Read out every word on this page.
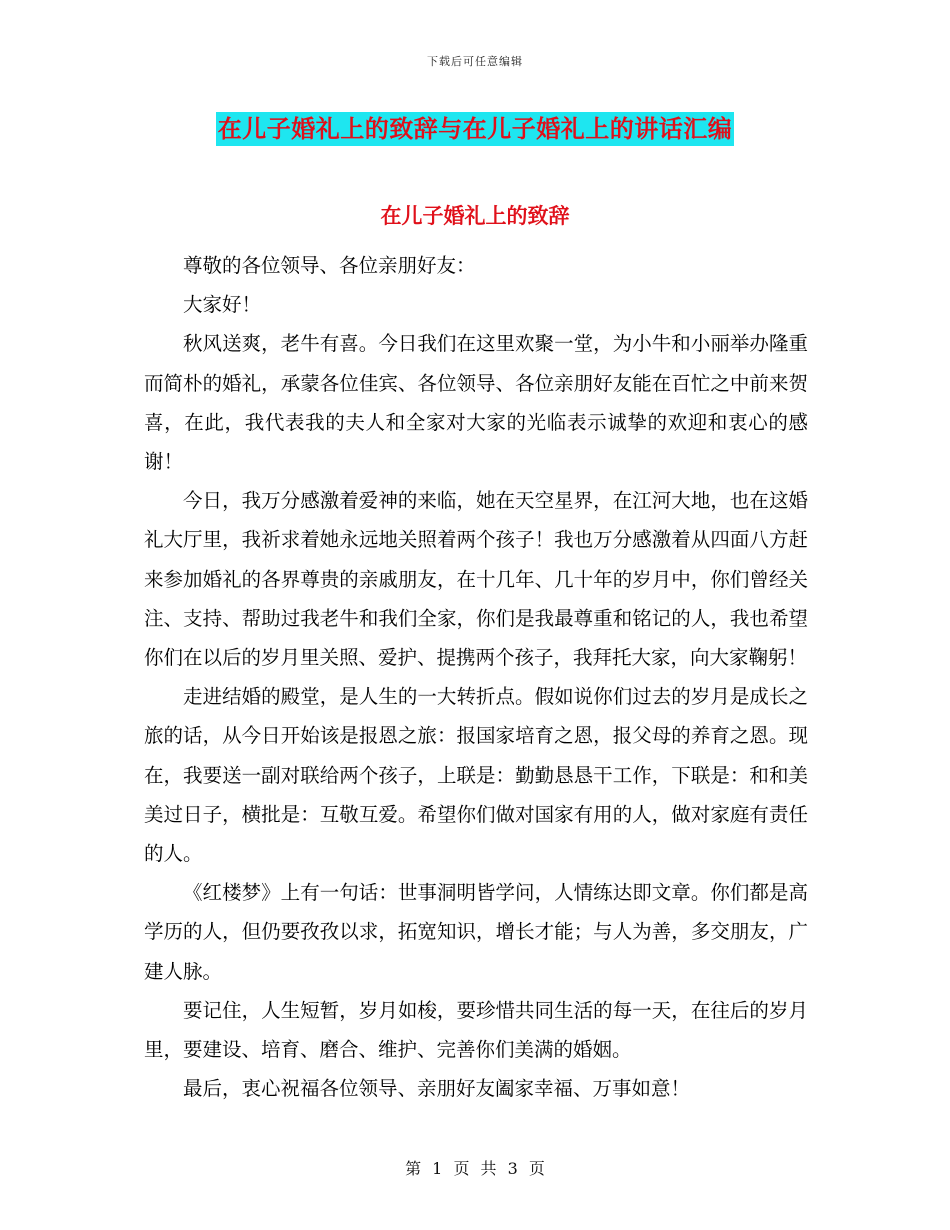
下载后可任意编辑
在儿子婚礼上的致辞与在儿子婚礼上的讲话汇编
在儿子婚礼上的致辞

尊敬的各位领导、各位亲朋好友：

大家好！

秋风送爽，老牛有喜。今日我们在这里欢聚一堂，为小牛和小丽举办隆重而简朴的婚礼，承蒙各位佳宾、各位领导、各位亲朋好友能在百忙之中前来贺喜，在此，我代表我的夫人和全家对大家的光临表示诚挚的欢迎和衷心的感谢！

今日，我万分感激着爱神的来临，她在天空星界，在江河大地，也在这婚礼大厅里，我祈求着她永远地关照着两个孩子！我也万分感激着从四面八方赶来参加婚礼的各界尊贵的亲戚朋友，在十几年、几十年的岁月中，你们曾经关注、支持、帮助过我老牛和我们全家，你们是我最尊重和铭记的人，我也希望你们在以后的岁月里关照、爱护、提携两个孩子，我拜托大家，向大家鞠躬！

走进结婚的殿堂，是人生的一大转折点。假如说你们过去的岁月是成长之旅的话，从今日开始该是报恩之旅：报国家培育之恩，报父母的养育之恩。现在，我要送一副对联给两个孩子，上联是：勤勤恳恳干工作，下联是：和和美美过日子，横批是：互敬互爱。希望你们做对国家有用的人，做对家庭有责任的人。

《红楼梦》上有一句话：世事洞明皆学问，人情练达即文章。你们都是高学历的人，但仍要孜孜以求，拓宽知识，增长才能；与人为善，多交朋友，广建人脉。

要记住，人生短暂，岁月如梭，要珍惜共同生活的每一天，在往后的岁月里，要建设、培育、磨合、维护、完善你们美满的婚姻。

最后，衷心祝福各位领导、亲朋好友阖家幸福、万事如意！

第 1 页 共 3 页
